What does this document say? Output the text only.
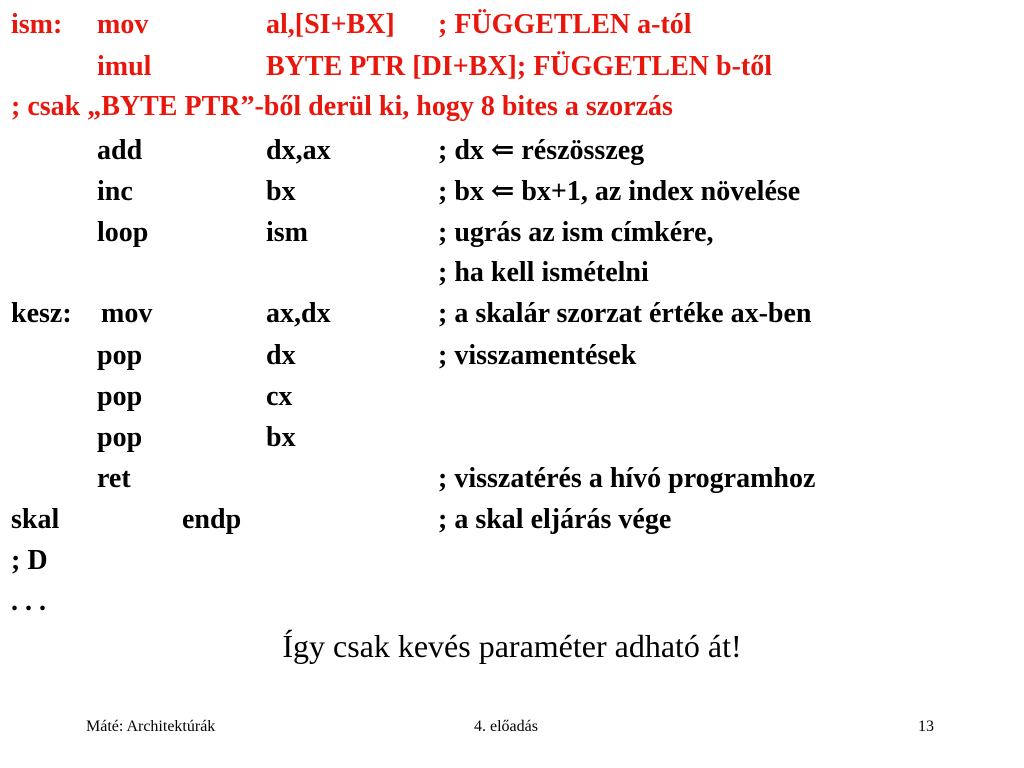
ism: mov	al,[SI+BX] ; FÜGGETLEN a-tól
imul	BYTE PTR [DI+BX]; FÜGGETLEN b-től
; csak „BYTE PTR”-ből derül ki, hogy 8 bites a szorzás
add	dx,ax	; dx ⇐ részösszeg
inc	bx	; bx ⇐ bx+1, az index növelése
loop	ism	; ugrás az ism címkére,
; ha kell ismételni
kesz: mov	ax,dx	; a skalár szorzat értéke ax-ben
pop	dx	; visszamentések
pop	cx
pop	bx
ret	; visszatérés a hívó programhoz
skal	endp	; a skal eljárás vége
; D
. . .
Így csak kevés paraméter adható át!
Máté: Architektúrák	4. előadás	13
